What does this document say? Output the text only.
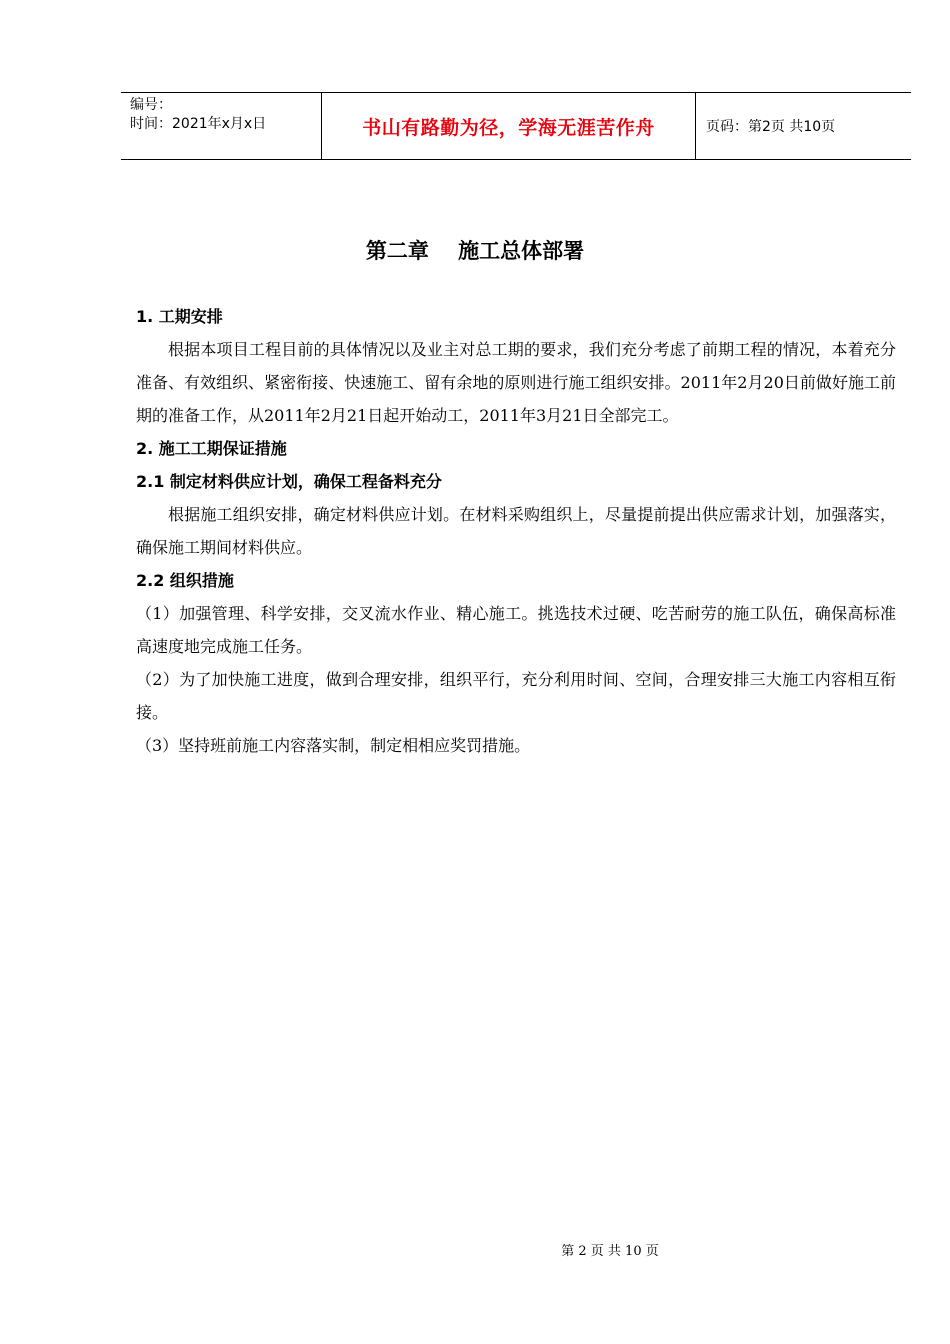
编号：
时间：2021年x月x日	书山有路勤为径，学海无涯苦作舟	页码：第2页 共10页
第二章    施工总体部署

1. 工期安排

根据本项目工程目前的具体情况以及业主对总工期的要求，我们充分考虑了前期工程的情况，本着充分准备、有效组织、紧密衔接、快速施工、留有余地的原则进行施工组织安排。2011年2月20日前做好施工前期的准备工作，从2011年2月21日起开始动工，2011年3月21日全部完工。

2. 施工工期保证措施

2.1 制定材料供应计划，确保工程备料充分

根据施工组织安排，确定材料供应计划。在材料采购组织上，尽量提前提出供应需求计划，加强落实，确保施工期间材料供应。

2.2 组织措施

（1）加强管理、科学安排，交叉流水作业、精心施工。挑选技术过硬、吃苦耐劳的施工队伍，确保高标准高速度地完成施工任务。

（2）为了加快施工进度，做到合理安排，组织平行，充分利用时间、空间，合理安排三大施工内容相互衔接。

（3）坚持班前施工内容落实制，制定相相应奖罚措施。

第 2 页 共 10 页
